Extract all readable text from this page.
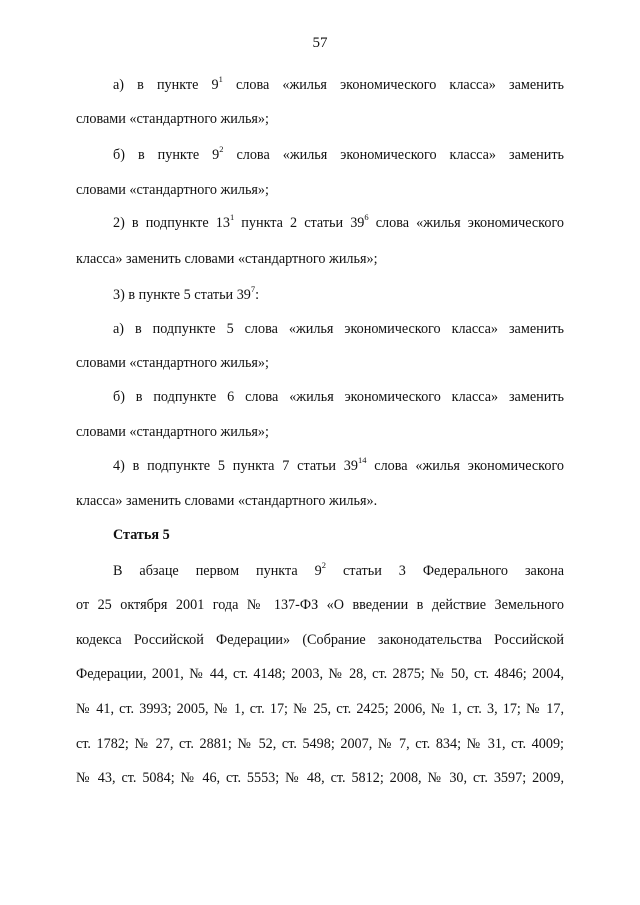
57
а) в пункте $9^1$ слова «жилья экономического класса» заменить
словами «стандартного жилья»;
б) в пункте $9^2$ слова «жилья экономического класса» заменить
словами «стандартного жилья»;
2) в подпункте $13^1$ пункта 2 статьи $39^6$ слова «жилья экономического
класса» заменить словами «стандартного жилья»;
3) в пункте 5 статьи $39^7$:
а) в подпункте 5 слова «жилья экономического класса» заменить
словами «стандартного жилья»;
б) в подпункте 6 слова «жилья экономического класса» заменить
словами «стандартного жилья»;
4) в подпункте 5 пункта 7 статьи $39^{14}$ слова «жилья экономического
класса» заменить словами «стандартного жилья».
Статья 5
В абзаце первом пункта $9^2$ статьи 3 Федерального закона
от 25 октября 2001 года № 137-ФЗ «О введении в действие Земельного
кодекса Российской Федерации» (Собрание законодательства Российской
Федерации, 2001, № 44, ст. 4148; 2003, № 28, ст. 2875; № 50, ст. 4846; 2004,
№ 41, ст. 3993; 2005, № 1, ст. 17; № 25, ст. 2425; 2006, № 1, ст. 3, 17; № 17,
ст. 1782; № 27, ст. 2881; № 52, ст. 5498; 2007, № 7, ст. 834; № 31, ст. 4009;
№ 43, ст. 5084; № 46, ст. 5553; № 48, ст. 5812; 2008, № 30, ст. 3597; 2009,
